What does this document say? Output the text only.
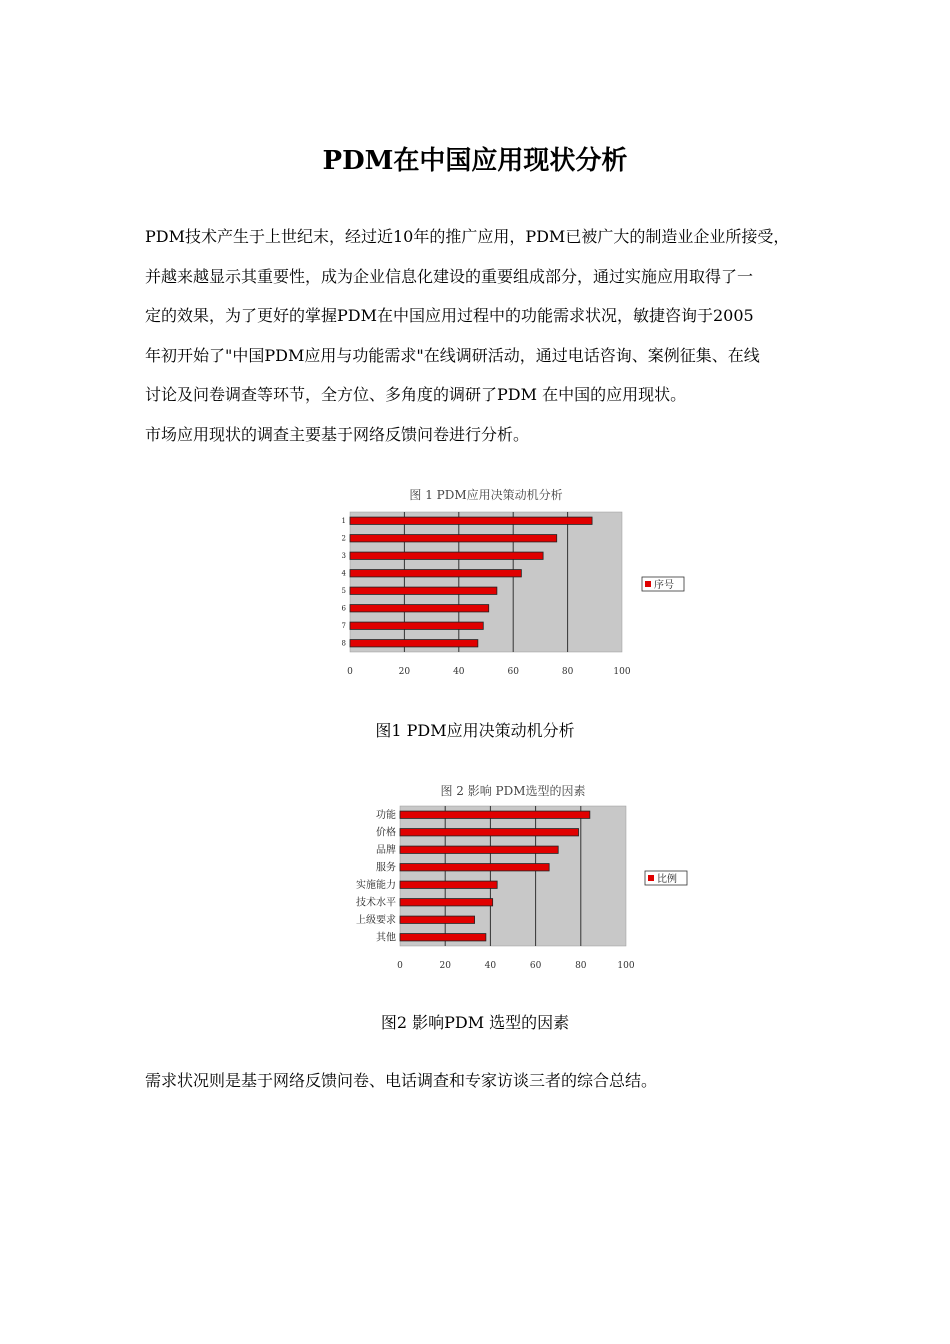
PDM在中国应用现状分析

PDM技术产生于上世纪末，经过近10年的推广应用，PDM已被广大的制造业企业所接受，

并越来越显示其重要性，成为企业信息化建设的重要组成部分，通过实施应用取得了一

定的效果，为了更好的掌握PDM在中国应用过程中的功能需求状况，敏捷咨询于2005

年初开始了"中国PDM应用与功能需求"在线调研活动，通过电话咨询、案例征集、在线

讨论及问卷调查等环节，全方位、多角度的调研了PDM 在中国的应用现状。

市场应用现状的调查主要基于网络反馈问卷进行分析。

图 1 PDM应用决策动机分析
0	20	40	60	80	100
1
2
3
4
5
6
7
8
序号
图1 PDM应用决策动机分析
图 2 影响 PDM选型的因素
0	20	40	60	80	100
功能
价格
品牌
服务
实施能力
技术水平
上级要求
其他
比例
图2 影响PDM 选型的因素
需求状况则是基于网络反馈问卷、电话调查和专家访谈三者的综合总结。
